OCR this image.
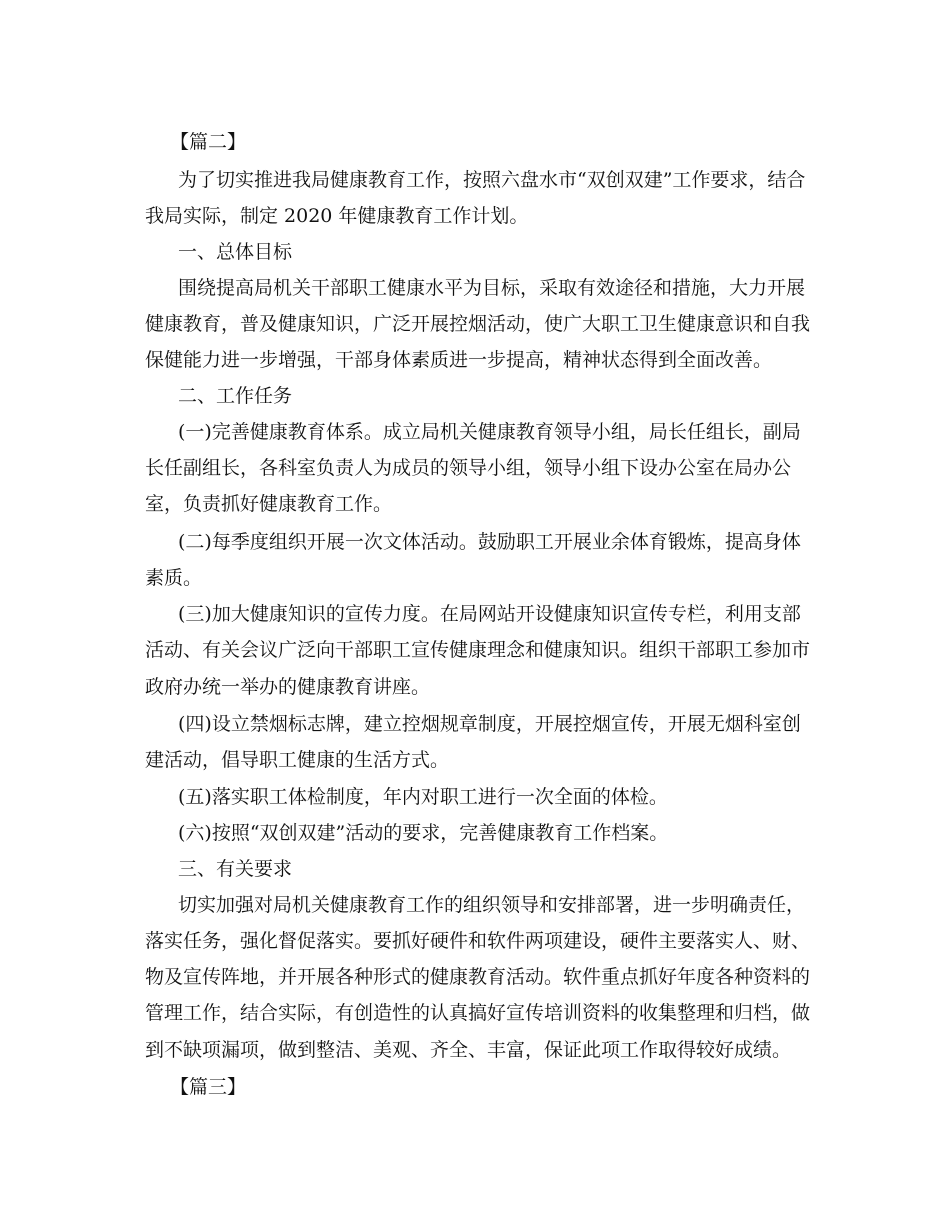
【篇二】
为了切实推进我局健康教育工作，按照六盘水市“双创双建”工作要求，结合
我局实际，制定 2020 年健康教育工作计划。
一、总体目标
围绕提高局机关干部职工健康水平为目标，采取有效途径和措施，大力开展
健康教育，普及健康知识，广泛开展控烟活动，使广大职工卫生健康意识和自我
保健能力进一步增强，干部身体素质进一步提高，精神状态得到全面改善。
二、工作任务
(一)完善健康教育体系。成立局机关健康教育领导小组，局长任组长，副局
长任副组长，各科室负责人为成员的领导小组，领导小组下设办公室在局办公
室，负责抓好健康教育工作。
(二)每季度组织开展一次文体活动。鼓励职工开展业余体育锻炼，提高身体
素质。
(三)加大健康知识的宣传力度。在局网站开设健康知识宣传专栏，利用支部
活动、有关会议广泛向干部职工宣传健康理念和健康知识。组织干部职工参加市
政府办统一举办的健康教育讲座。
(四)设立禁烟标志牌，建立控烟规章制度，开展控烟宣传，开展无烟科室创
建活动，倡导职工健康的生活方式。
(五)落实职工体检制度，年内对职工进行一次全面的体检。
(六)按照“双创双建”活动的要求，完善健康教育工作档案。
三、有关要求
切实加强对局机关健康教育工作的组织领导和安排部署，进一步明确责任，
落实任务，强化督促落实。要抓好硬件和软件两项建设，硬件主要落实人、财、
物及宣传阵地，并开展各种形式的健康教育活动。软件重点抓好年度各种资料的
管理工作，结合实际，有创造性的认真搞好宣传培训资料的收集整理和归档，做
到不缺项漏项，做到整洁、美观、齐全、丰富，保证此项工作取得较好成绩。
【篇三】
